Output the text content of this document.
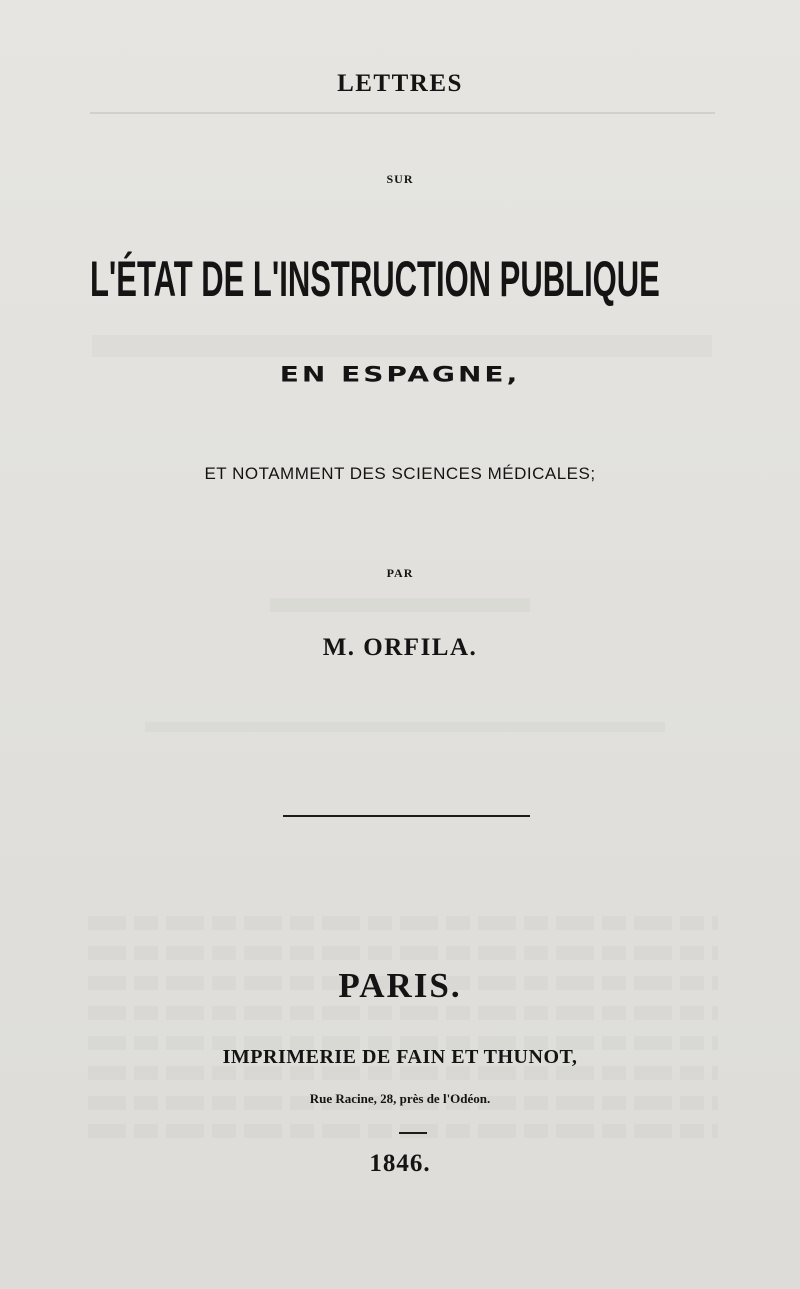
LETTRES
SUR
L'ÉTAT DE L'INSTRUCTION PUBLIQUE
EN ESPAGNE,
ET NOTAMMENT DES SCIENCES MÉDICALES;
PAR
M. ORFILA.
PARIS.
IMPRIMERIE DE FAIN ET THUNOT,
Rue Racine, 28, près de l'Odéon.
1846.
